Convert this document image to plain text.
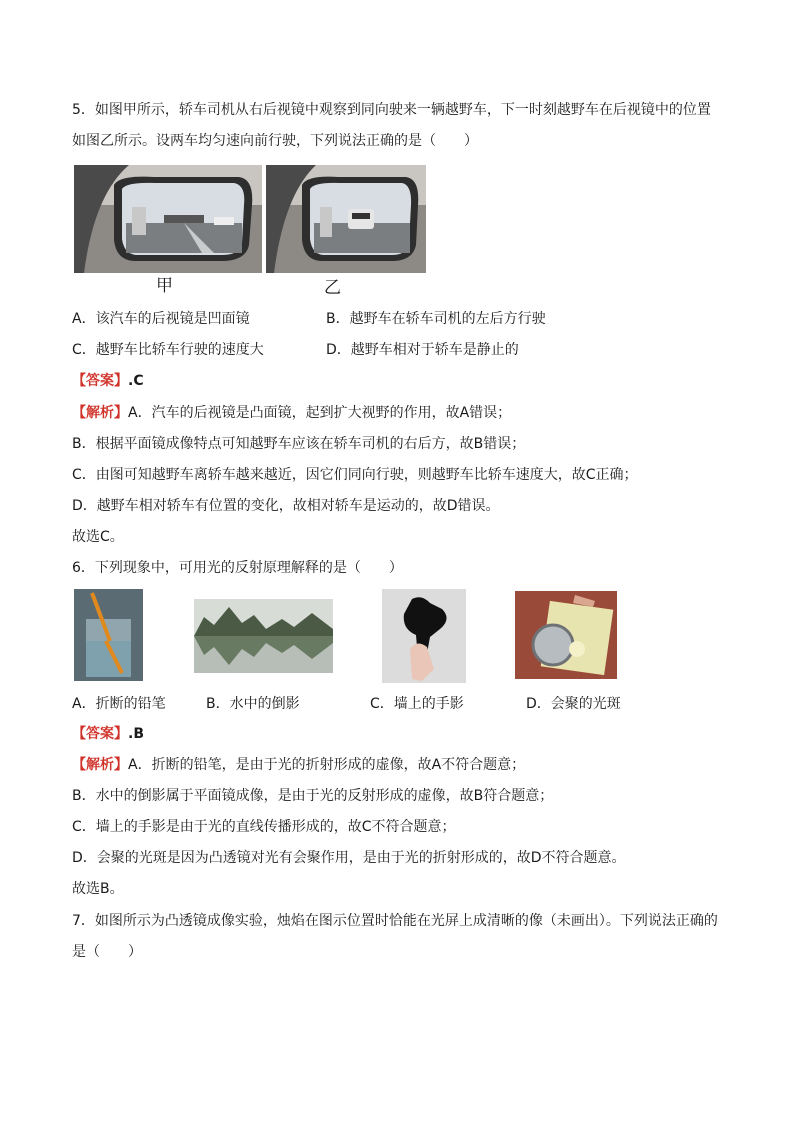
5．如图甲所示，轿车司机从右后视镜中观察到同向驶来一辆越野车，下一时刻越野车在后视镜中的位置
如图乙所示。设两车均匀速向前行驶，下列说法正确的是（　　）
甲	乙
A．该汽车的后视镜是凹面镜	B．越野车在轿车司机的左后方行驶
C．越野车比轿车行驶的速度大	D．越野车相对于轿车是静止的
【答案】.C
【解析】A．汽车的后视镜是凸面镜，起到扩大视野的作用，故A错误；
B．根据平面镜成像特点可知越野车应该在轿车司机的右后方，故B错误；
C．由图可知越野车离轿车越来越近，因它们同向行驶，则越野车比轿车速度大，故C正确；
D．越野车相对轿车有位置的变化，故相对轿车是运动的，故D错误。
故选C。
6．下列现象中，可用光的反射原理解释的是（　　）
A．折断的铅笔	B．水中的倒影	C．墙上的手影	D．会聚的光斑
【答案】.B
【解析】A．折断的铅笔，是由于光的折射形成的虚像，故A不符合题意；
B．水中的倒影属于平面镜成像，是由于光的反射形成的虚像，故B符合题意；
C．墙上的手影是由于光的直线传播形成的，故C不符合题意；
D．会聚的光斑是因为凸透镜对光有会聚作用，是由于光的折射形成的，故D不符合题意。
故选B。
7．如图所示为凸透镜成像实验，烛焰在图示位置时恰能在光屏上成清晰的像（未画出）。下列说法正确的
是（　　）
